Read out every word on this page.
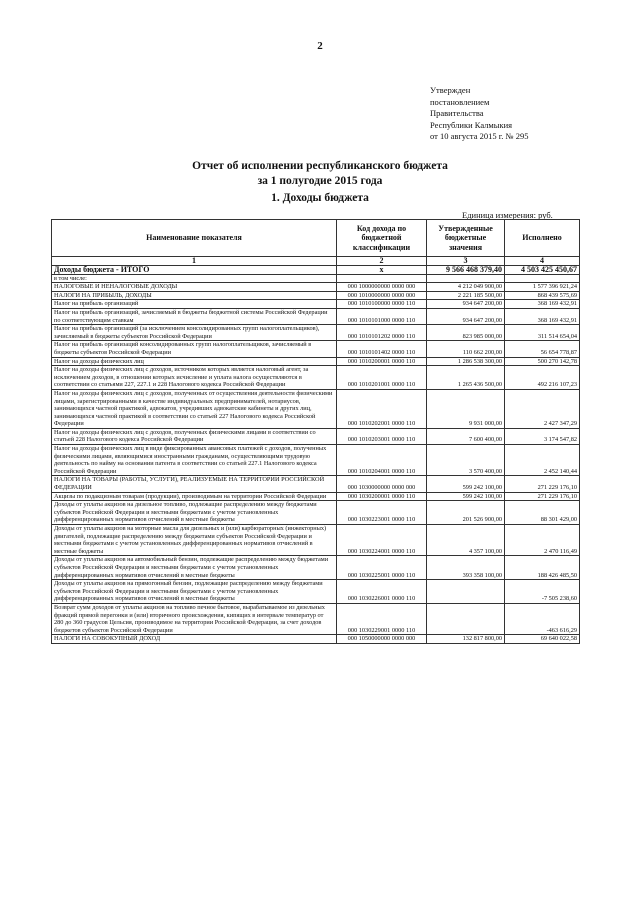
2
Утвержден
постановлением
Правительства
Республики Калмыкия
от 10 августа 2015 г. № 295
Отчет об исполнении республиканского бюджета
за 1 полугодие 2015 года
1. Доходы бюджета
Единица измерения: руб.
Наименование показателя	Код дохода по бюджетной классификации	Утвержденные бюджетные значения	Исполнено
1	2	3	4
Доходы бюджета - ИТОГО	x	9 566 468 379,40	4 503 425 450,67
в том числе:			
НАЛОГОВЫЕ И НЕНАЛОГОВЫЕ ДОХОДЫ	000 1000000000 0000 000	4 212 049 900,00	1 577 396 921,24
НАЛОГИ НА ПРИБЫЛЬ, ДОХОДЫ	000 1010000000 0000 000	2 221 185 500,00	868 439 575,69
Налог на прибыль организаций	000 1010100000 0000 110	934 647 200,00	368 169 432,91
Налог на прибыль организаций, зачисляемый в бюджеты бюджетной системы Российской Федерации по соответствующим ставкам	000 1010101000 0000 110	934 647 200,00	368 169 432,91
Налог на прибыль организаций (за исключением консолидированных групп налогоплательщиков), зачисляемый в бюджеты субъектов Российской Федерации	000 1010101202 0000 110	823 985 000,00	311 514 654,04
Налог на прибыль организаций консолидированных групп налогоплательщиков, зачисляемый в бюджеты субъектов Российской Федерации	000 1010101402 0000 110	110 662 200,00	56 654 778,87
Налог на доходы физических лиц	000 1010200001 0000 110	1 286 538 300,00	500 270 142,78
Налог на доходы физических лиц с доходов, источником которых является налоговый агент, за исключением доходов, в отношении которых исчисление и уплата налога осуществляются в соответствии со статьями 227, 227.1 и 228 Налогового кодекса Российской Федерации	000 1010201001 0000 110	1 265 436 500,00	492 216 107,23
Налог на доходы физических лиц с доходов, полученных от осуществления деятельности физическими лицами, зарегистрированными в качестве индивидуальных предпринимателей, нотариусов, занимающихся частной практикой, адвокатов, учредивших адвокатские кабинеты и других лиц, занимающихся частной практикой в соответствии со статьей 227 Налогового кодекса Российской Федерации	000 1010202001 0000 110	9 931 000,00	2 427 347,29
Налог на доходы физических лиц с доходов, полученных физическими лицами в соответствии со статьей 228 Налогового кодекса Российской Федерации	000 1010203001 0000 110	7 600 400,00	3 174 547,82
Налог на доходы физических лиц в виде фиксированных авансовых платежей с доходов, полученных физическими лицами, являющимися иностранными гражданами, осуществляющими трудовую деятельность по найму на основании патента в соответствии со статьей 227.1 Налогового кодекса Российской Федерации	000 1010204001 0000 110	3 570 400,00	2 452 140,44
НАЛОГИ НА ТОВАРЫ (РАБОТЫ, УСЛУГИ), РЕАЛИЗУЕМЫЕ НА ТЕРРИТОРИИ РОССИЙСКОЙ ФЕДЕРАЦИИ	000 1030000000 0000 000	599 242 100,00	271 229 176,10
Акцизы по подакцизным товарам (продукции), производимым на территории Российской Федерации	000 1030200001 0000 110	599 242 100,00	271 229 176,10
Доходы от уплаты акцизов на дизельное топливо, подлежащие распределению между бюджетами субъектов Российской Федерации и местными бюджетами с учетом установленных дифференцированных нормативов отчислений в местные бюджеты	000 1030223001 0000 110	201 526 900,00	88 301 429,00
Доходы от уплаты акцизов на моторные масла для дизельных и (или) карбюраторных (инжекторных) двигателей, подлежащие распределению между бюджетами субъектов Российской Федерации и местными бюджетами с учетом установленных дифференцированных нормативов отчислений в местные бюджеты	000 1030224001 0000 110	4 357 100,00	2 470 116,49
Доходы от уплаты акцизов на автомобильный бензин, подлежащие распределению между бюджетами субъектов Российской Федерации и местными бюджетами с учетом установленных дифференцированных нормативов отчислений в местные бюджеты	000 1030225001 0000 110	393 358 100,00	188 426 485,50
Доходы от уплаты акцизов на прямогонный бензин, подлежащие распределению между бюджетами субъектов Российской Федерации и местными бюджетами с учетом установленных дифференцированных нормативов отчислений в местные бюджеты	000 1030226001 0000 110		-7 505 238,60
Возврат сумм доходов от уплаты акцизов на топливо печное бытовое, вырабатываемое из дизельных фракций прямой перегонки и (или) вторичного происхождения, кипящих в интервале температур от 280 до 360 градусов Цельсия, производимое на территории Российской Федерации, за счет доходов бюджетов субъектов Российской Федерации	000 1030229001 0000 110		-463 616,29
НАЛОГИ НА СОВОКУПНЫЙ ДОХОД	000 1050000000 0000 000	132 817 800,00	69 640 022,58
